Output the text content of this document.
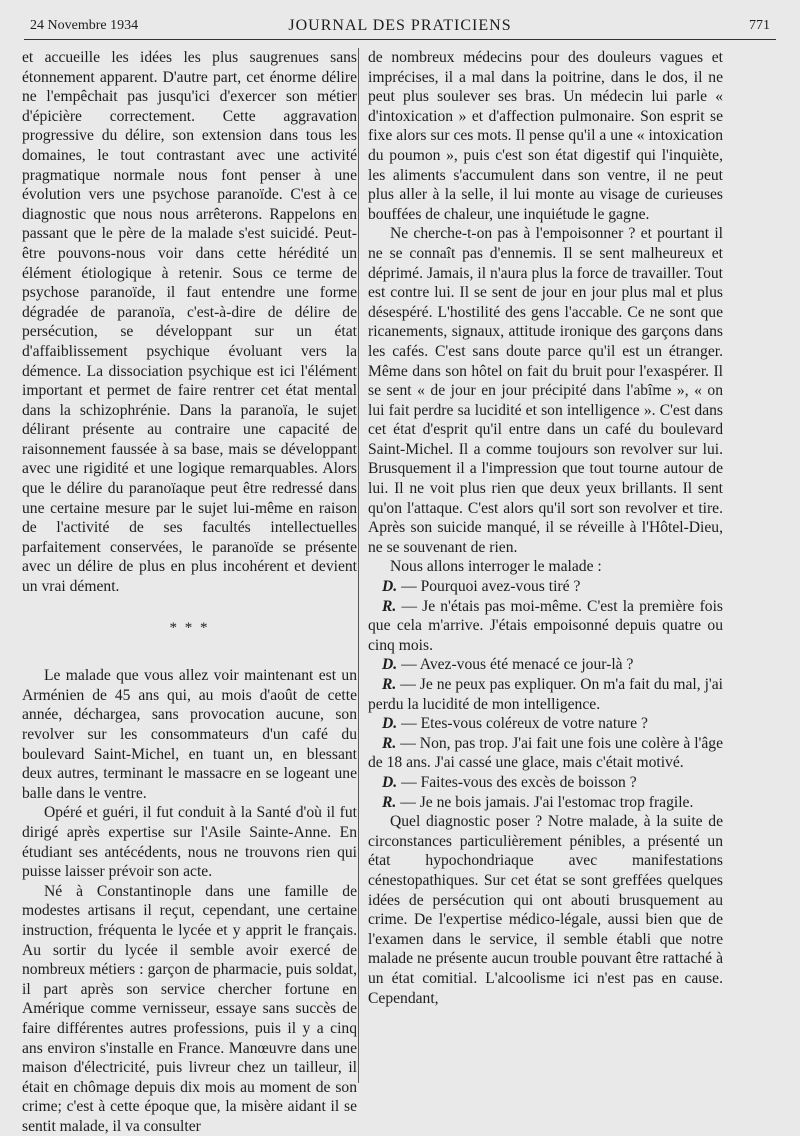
24 Novembre 1934	JOURNAL DES PRATICIENS	771

et accueille les idées les plus saugrenues sans étonnement apparent. D'autre part, cet énorme délire ne l'empêchait pas jusqu'ici d'exercer son métier d'épicière correctement. Cette aggravation progressive du délire, son extension dans tous les domaines, le tout contrastant avec une activité pragmatique normale nous font penser à une évolution vers une psychose paranoïde. C'est à ce diagnostic que nous nous arrêterons. Rappelons en passant que le père de la malade s'est suicidé. Peut-être pouvons-nous voir dans cette hérédité un élément étiologique à retenir. Sous ce terme de psychose paranoïde, il faut entendre une forme dégradée de paranoïa, c'est-à-dire de délire de persécution, se développant sur un état d'affaiblissement psychique évoluant vers la démence. La dissociation psychique est ici l'élément important et permet de faire rentrer cet état mental dans la schizophrénie. Dans la paranoïa, le sujet délirant présente au contraire une capacité de raisonnement faussée à sa base, mais se développant avec une rigidité et une logique remarquables. Alors que le délire du paranoïaque peut être redressé dans une certaine mesure par le sujet lui-même en raison de l'activité de ses facultés intellectuelles parfaitement conservées, le paranoïde se présente avec un délire de plus en plus incohérent et devient un vrai dément.

* * *

Le malade que vous allez voir maintenant est un Arménien de 45 ans qui, au mois d'août de cette année, déchargea, sans provocation aucune, son revolver sur les consommateurs d'un café du boulevard Saint-Michel, en tuant un, en blessant deux autres, terminant le massacre en se logeant une balle dans le ventre.

Opéré et guéri, il fut conduit à la Santé d'où il fut dirigé après expertise sur l'Asile Sainte-Anne. En étudiant ses antécédents, nous ne trouvons rien qui puisse laisser prévoir son acte.

Né à Constantinople dans une famille de modestes artisans il reçut, cependant, une certaine instruction, fréquenta le lycée et y apprit le français. Au sortir du lycée il semble avoir exercé de nombreux métiers : garçon de pharmacie, puis soldat, il part après son service chercher fortune en Amérique comme vernisseur, essaye sans succès de faire différentes autres professions, puis il y a cinq ans environ s'installe en France. Manœuvre dans une maison d'électricité, puis livreur chez un tailleur, il était en chômage depuis dix mois au moment de son crime; c'est à cette époque que, la misère aidant il se sentit malade, il va consulter

de nombreux médecins pour des douleurs vagues et imprécises, il a mal dans la poitrine, dans le dos, il ne peut plus soulever ses bras. Un médecin lui parle « d'intoxication » et d'affection pulmonaire. Son esprit se fixe alors sur ces mots. Il pense qu'il a une « intoxication du poumon », puis c'est son état digestif qui l'inquiète, les aliments s'accumulent dans son ventre, il ne peut plus aller à la selle, il lui monte au visage de curieuses bouffées de chaleur, une inquiétude le gagne.

Ne cherche-t-on pas à l'empoisonner ? et pourtant il ne se connaît pas d'ennemis. Il se sent malheureux et déprimé. Jamais, il n'aura plus la force de travailler. Tout est contre lui. Il se sent de jour en jour plus mal et plus désespéré. L'hostilité des gens l'accable. Ce ne sont que ricanements, signaux, attitude ironique des garçons dans les cafés. C'est sans doute parce qu'il est un étranger. Même dans son hôtel on fait du bruit pour l'exaspérer. Il se sent « de jour en jour précipité dans l'abîme », « on lui fait perdre sa lucidité et son intelligence ». C'est dans cet état d'esprit qu'il entre dans un café du boulevard Saint-Michel. Il a comme toujours son revolver sur lui. Brusquement il a l'impression que tout tourne autour de lui. Il ne voit plus rien que deux yeux brillants. Il sent qu'on l'attaque. C'est alors qu'il sort son revolver et tire. Après son suicide manqué, il se réveille à l'Hôtel-Dieu, ne se souvenant de rien.

Nous allons interroger le malade :

D. — Pourquoi avez-vous tiré ?

R. — Je n'étais pas moi-même. C'est la première fois que cela m'arrive. J'étais empoisonné depuis quatre ou cinq mois.

D. — Avez-vous été menacé ce jour-là ?

R. — Je ne peux pas expliquer. On m'a fait du mal, j'ai perdu la lucidité de mon intelligence.

D. — Etes-vous coléreux de votre nature ?

R. — Non, pas trop. J'ai fait une fois une colère à l'âge de 18 ans. J'ai cassé une glace, mais c'était motivé.

D. — Faites-vous des excès de boisson ?

R. — Je ne bois jamais. J'ai l'estomac trop fragile.

Quel diagnostic poser ? Notre malade, à la suite de circonstances particulièrement pénibles, a présenté un état hypochondriaque avec manifestations cénestopathiques. Sur cet état se sont greffées quelques idées de persécution qui ont abouti brusquement au crime. De l'expertise médico-légale, aussi bien que de l'examen dans le service, il semble établi que notre malade ne présente aucun trouble pouvant être rattaché à un état comitial. L'alcoolisme ici n'est pas en cause. Cependant,
